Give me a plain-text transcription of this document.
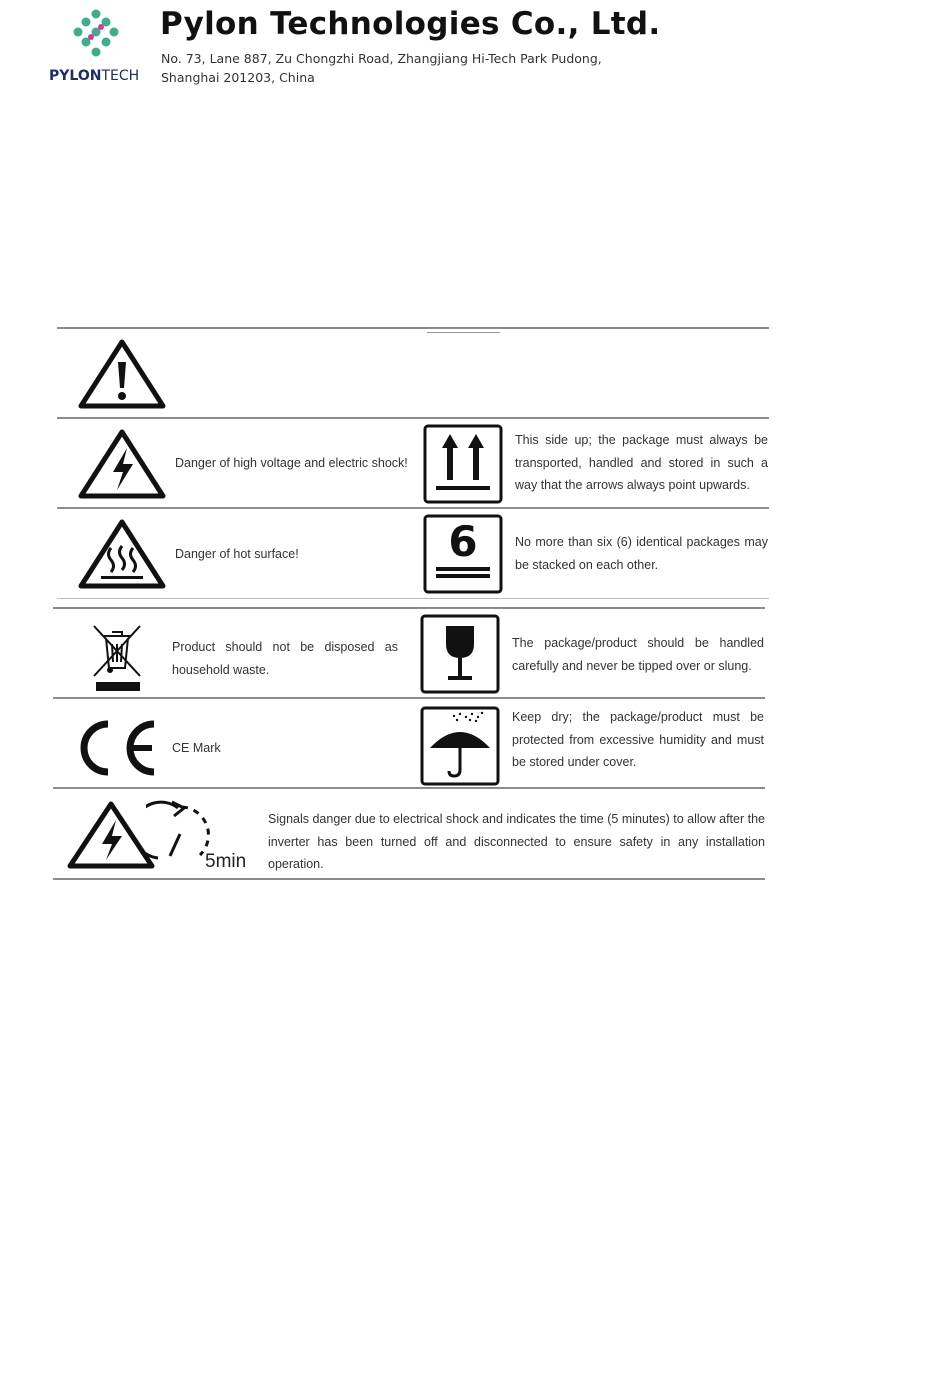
PYLONTECH
Pylon Technologies Co., Ltd.
No. 73, Lane 887, Zu Chongzhi Road, Zhangjiang Hi-Tech Park Pudong,
Shanghai 201203, China
Danger of high voltage and electric shock!
This side up; the package must always be transported, handled and stored in such a way that the arrows always point upwards.
Danger of hot surface!	6	No more than six (6) identical packages may be stacked on each other.
Product should not be disposed as household waste.
The package/product should be handled carefully and never be tipped over or slung.
CE Mark
Keep dry; the package/product must be protected from excessive humidity and must be stored under cover.
5min
Signals danger due to electrical shock and indicates the time (5 minutes) to allow after the inverter has been turned off and disconnected to ensure safety in any installation operation.
